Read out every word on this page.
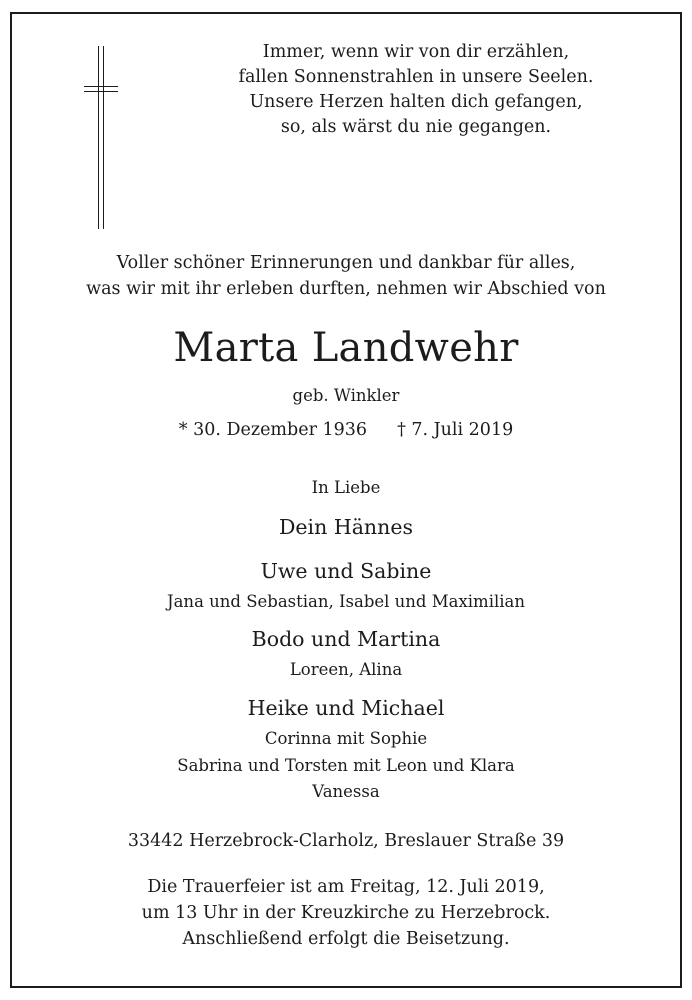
Immer, wenn wir von dir erzählen,
fallen Sonnenstrahlen in unsere Seelen.
Unsere Herzen halten dich gefangen,
so, als wärst du nie gegangen.
Voller schöner Erinnerungen und dankbar für alles,
was wir mit ihr erleben durften, nehmen wir Abschied von
Marta Landwehr
geb. Winkler
* 30. Dezember 1936 † 7. Juli 2019
In Liebe
Dein Hännes
Uwe und Sabine
Jana und Sebastian, Isabel und Maximilian
Bodo und Martina
Loreen, Alina
Heike und Michael
Corinna mit Sophie
Sabrina und Torsten mit Leon und Klara
Vanessa
33442 Herzebrock-Clarholz, Breslauer Straße 39
Die Trauerfeier ist am Freitag, 12. Juli 2019,
um 13 Uhr in der Kreuzkirche zu Herzebrock.
Anschließend erfolgt die Beisetzung.
